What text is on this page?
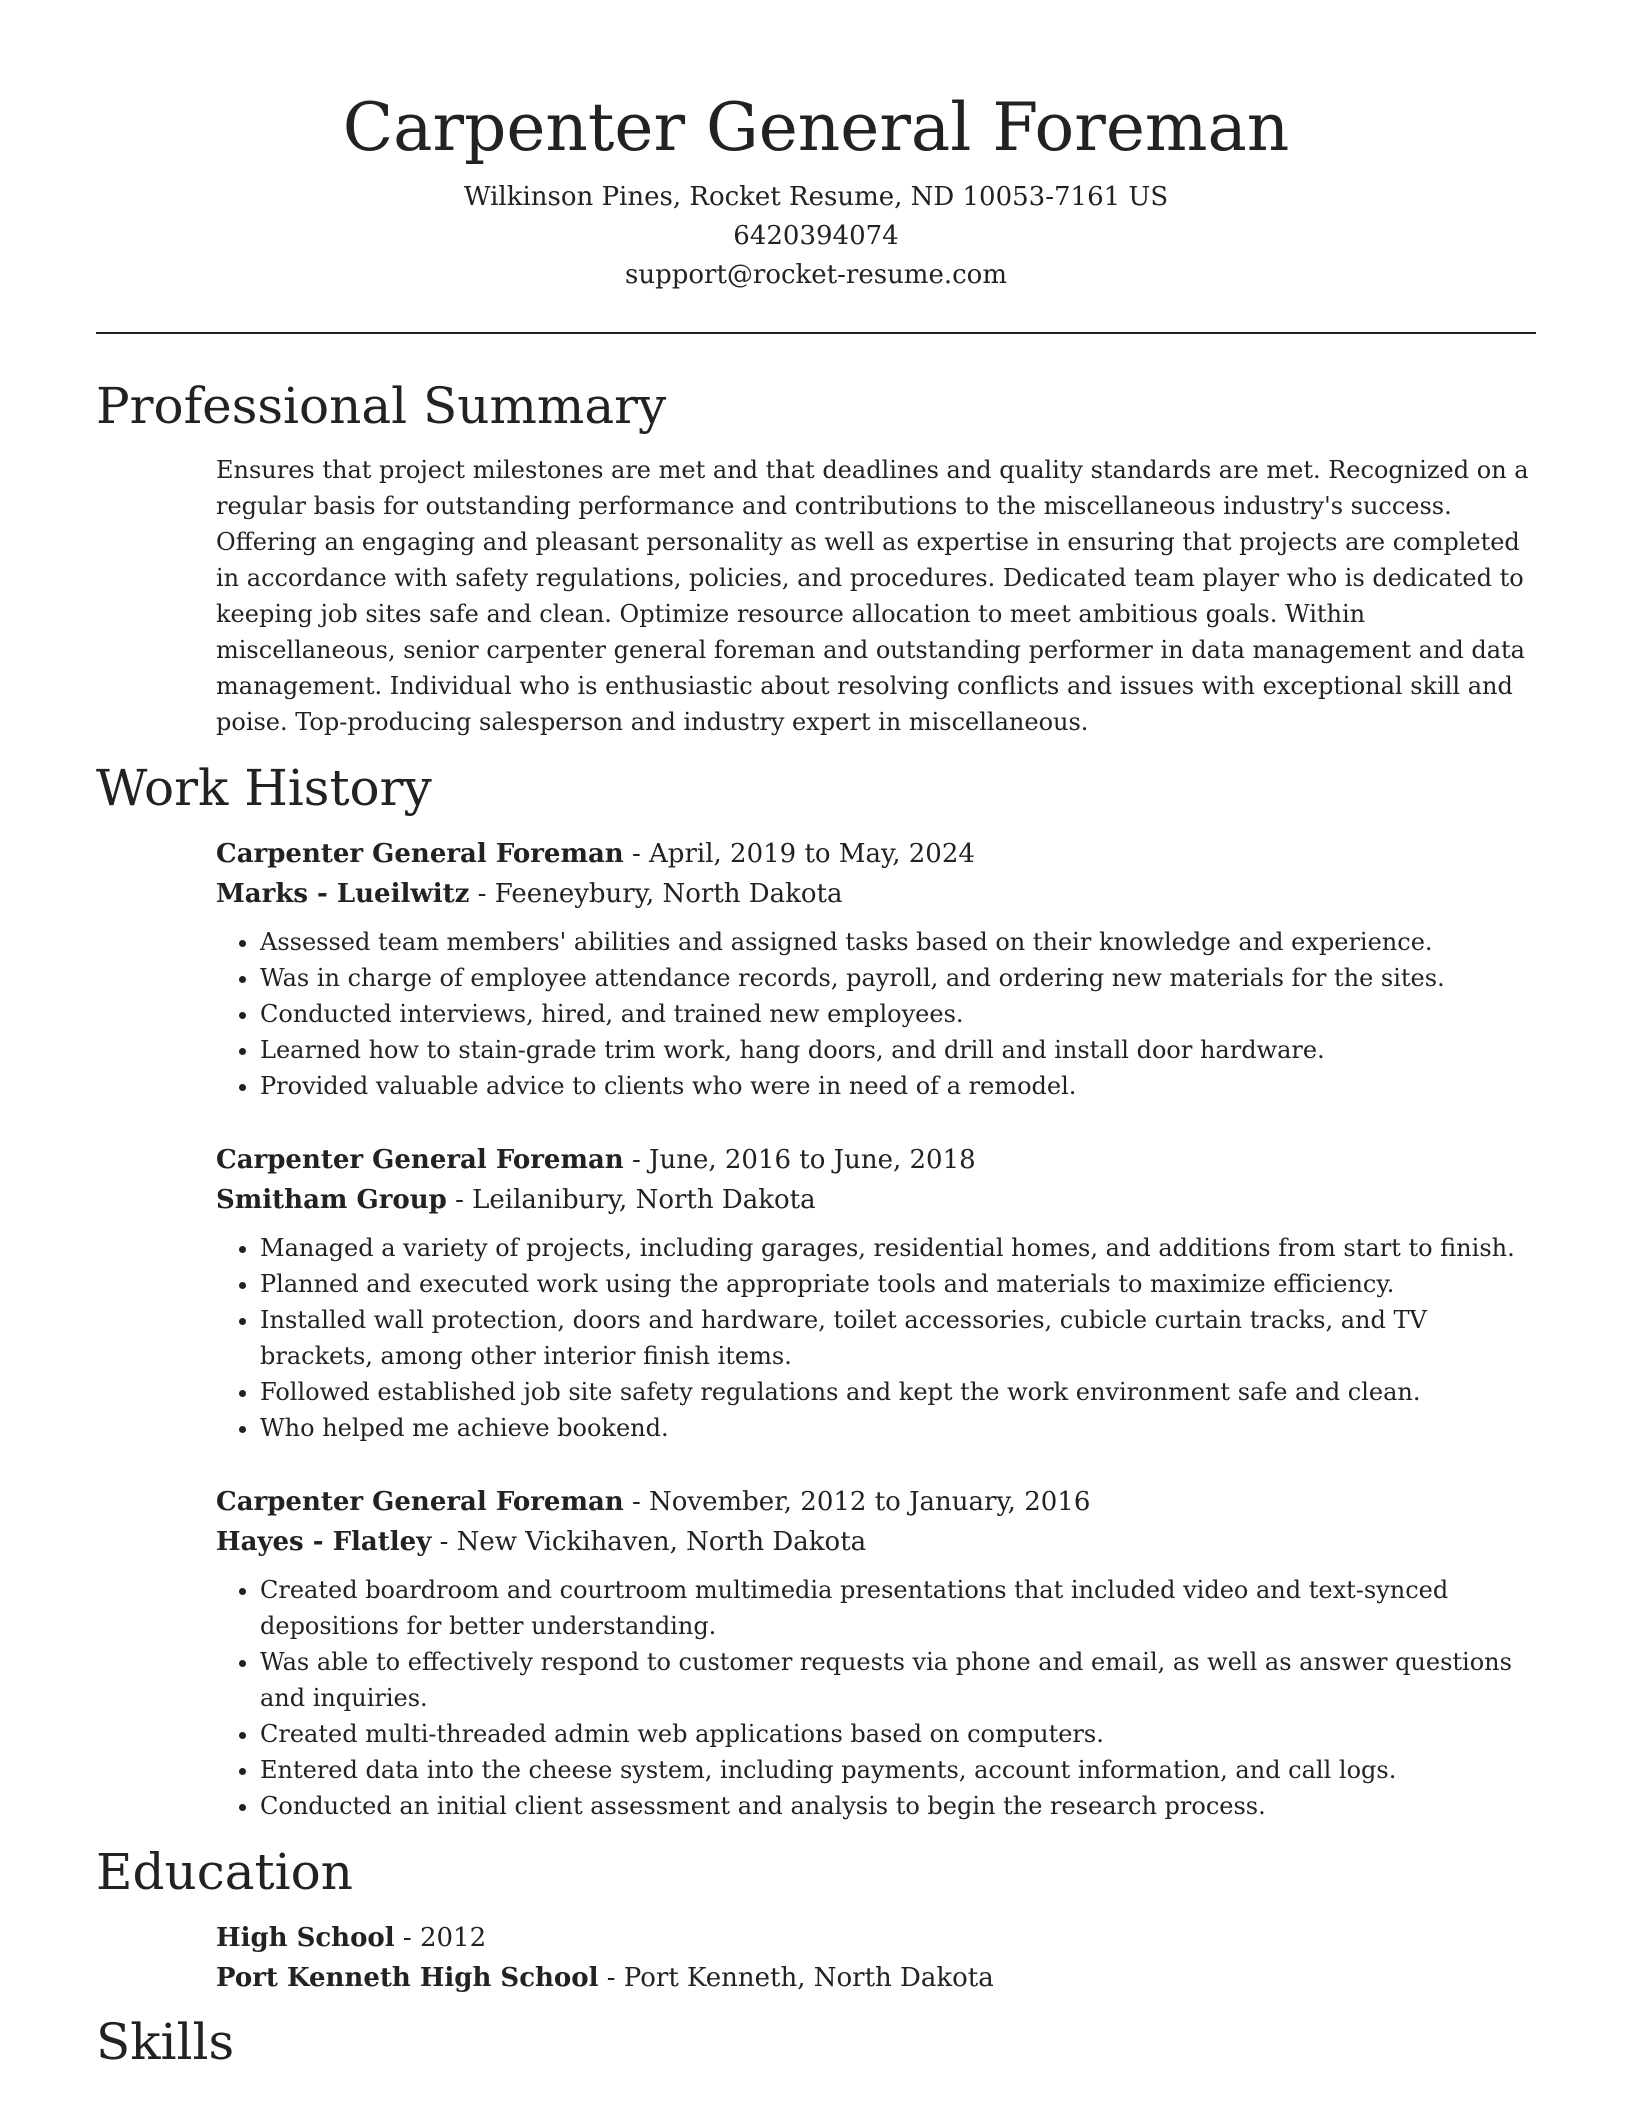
Carpenter General Foreman
Wilkinson Pines, Rocket Resume, ND 10053-7161 US
6420394074
support@rocket-resume.com
Professional Summary
Ensures that project milestones are met and that deadlines and quality standards are met. Recognized on a regular basis for outstanding performance and contributions to the miscellaneous industry's success. Offering an engaging and pleasant personality as well as expertise in ensuring that projects are completed in accordance with safety regulations, policies, and procedures. Dedicated team player who is dedicated to keeping job sites safe and clean. Optimize resource allocation to meet ambitious goals. Within miscellaneous, senior carpenter general foreman and outstanding performer in data management and data management. Individual who is enthusiastic about resolving conflicts and issues with exceptional skill and poise. Top-producing salesperson and industry expert in miscellaneous.
Work History
Carpenter General Foreman - April, 2019 to May, 2024
Marks - Lueilwitz - Feeneybury, North Dakota
• Assessed team members' abilities and assigned tasks based on their knowledge and experience.
• Was in charge of employee attendance records, payroll, and ordering new materials for the sites.
• Conducted interviews, hired, and trained new employees.
• Learned how to stain-grade trim work, hang doors, and drill and install door hardware.
• Provided valuable advice to clients who were in need of a remodel.
Carpenter General Foreman - June, 2016 to June, 2018
Smitham Group - Leilanibury, North Dakota
• Managed a variety of projects, including garages, residential homes, and additions from start to finish.
• Planned and executed work using the appropriate tools and materials to maximize efficiency.
• Installed wall protection, doors and hardware, toilet accessories, cubicle curtain tracks, and TV brackets, among other interior finish items.
• Followed established job site safety regulations and kept the work environment safe and clean.
• Who helped me achieve bookend.
Carpenter General Foreman - November, 2012 to January, 2016
Hayes - Flatley - New Vickihaven, North Dakota
• Created boardroom and courtroom multimedia presentations that included video and text-synced depositions for better understanding.
• Was able to effectively respond to customer requests via phone and email, as well as answer questions and inquiries.
• Created multi-threaded admin web applications based on computers.
• Entered data into the cheese system, including payments, account information, and call logs.
• Conducted an initial client assessment and analysis to begin the research process.
Education
High School - 2012
Port Kenneth High School - Port Kenneth, North Dakota
Skills
